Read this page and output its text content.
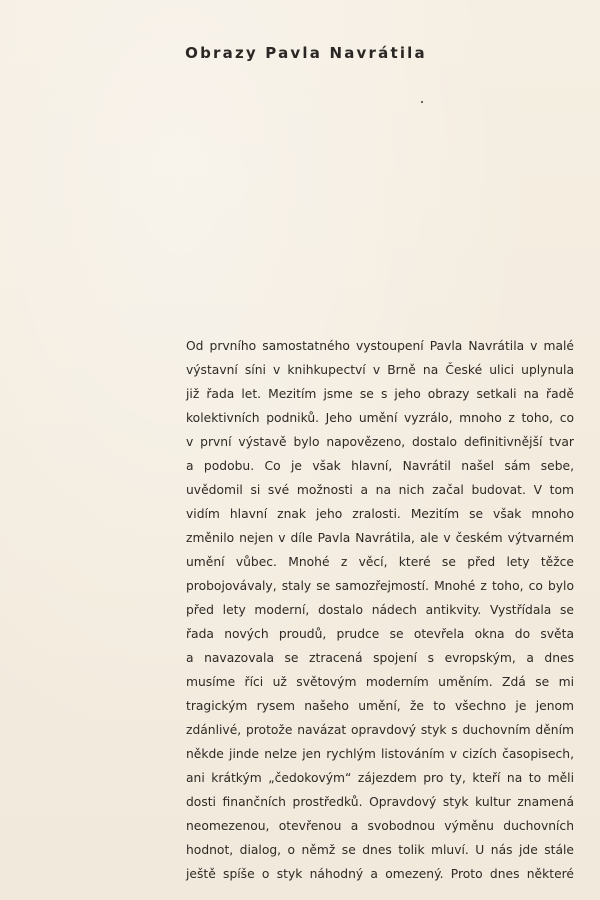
Obrazy Pavla Navrátila
Od prvního samostatného vystoupení Pavla Navrátila v malé
výstavní síni v knihkupectví v Brně na České ulici uplynula
již řada let. Mezitím jsme se s jeho obrazy setkali na řadě
kolektivních podniků. Jeho umění vyzrálo, mnoho z toho, co
v první výstavě bylo napovězeno, dostalo definitivnější tvar
a podobu. Co je však hlavní, Navrátil našel sám sebe,
uvědomil si své možnosti a na nich začal budovat. V tom
vidím hlavní znak jeho zralosti. Mezitím se však mnoho
změnilo nejen v díle Pavla Navrátila, ale v českém výtvarném
umění vůbec. Mnohé z věcí, které se před lety těžce
probojovávaly, staly se samozřejmostí. Mnohé z toho, co bylo
před lety moderní, dostalo nádech antikvity. Vystřídala se
řada nových proudů, prudce se otevřela okna do světa
a navazovala se ztracená spojení s evropským, a dnes
musíme říci už světovým moderním uměním. Zdá se mi
tragickým rysem našeho umění, že to všechno je jenom
zdánlivé, protože navázat opravdový styk s duchovním děním
někde jinde nelze jen rychlým listováním v cizích časopisech,
ani krátkým „čedokovým“ zájezdem pro ty, kteří na to měli
dosti finančních prostředků. Opravdový styk kultur znamená
neomezenou, otevřenou a svobodnou výměnu duchovních
hodnot, dialog, o němž se dnes tolik mluví. U nás jde stále
ještě spíše o styk náhodný a omezený. Proto dnes některé
